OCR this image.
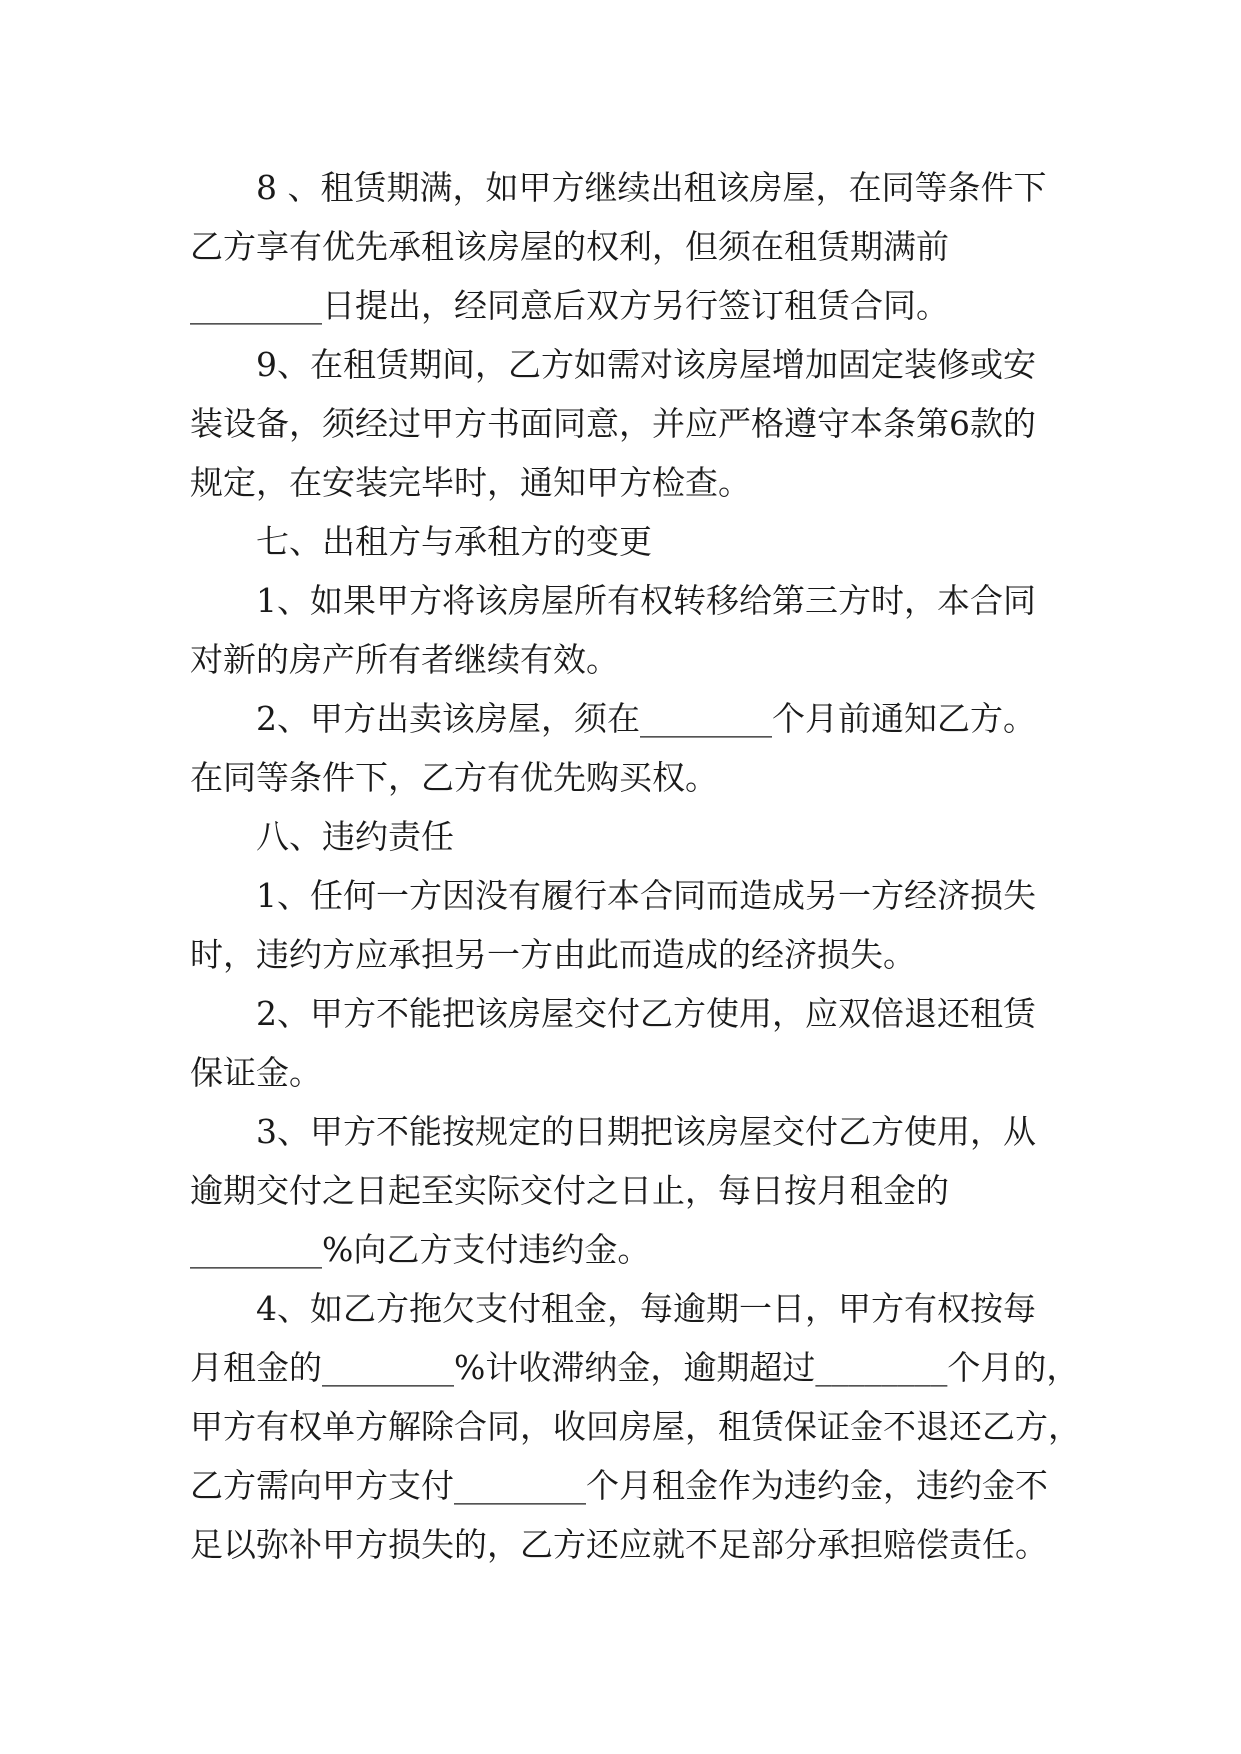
8 、租赁期满，如甲方继续出租该房屋，在同等条件下
乙方享有优先承租该房屋的权利，但须在租赁期满前
________日提出，经同意后双方另行签订租赁合同。
9、在租赁期间，乙方如需对该房屋增加固定装修或安
装设备，须经过甲方书面同意，并应严格遵守本条第6款的
规定，在安装完毕时，通知甲方检查。
七、出租方与承租方的变更
1、如果甲方将该房屋所有权转移给第三方时，本合同
对新的房产所有者继续有效。
2、甲方出卖该房屋，须在________个月前通知乙方。
在同等条件下，乙方有优先购买权。
八、违约责任
1、任何一方因没有履行本合同而造成另一方经济损失
时，违约方应承担另一方由此而造成的经济损失。
2、甲方不能把该房屋交付乙方使用，应双倍退还租赁
保证金。
3、甲方不能按规定的日期把该房屋交付乙方使用，从
逾期交付之日起至实际交付之日止，每日按月租金的
________%向乙方支付违约金。
4、如乙方拖欠支付租金，每逾期一日，甲方有权按每
月租金的________%计收滞纳金，逾期超过________个月的，
甲方有权单方解除合同，收回房屋，租赁保证金不退还乙方，
乙方需向甲方支付________个月租金作为违约金，违约金不
足以弥补甲方损失的，乙方还应就不足部分承担赔偿责任。
